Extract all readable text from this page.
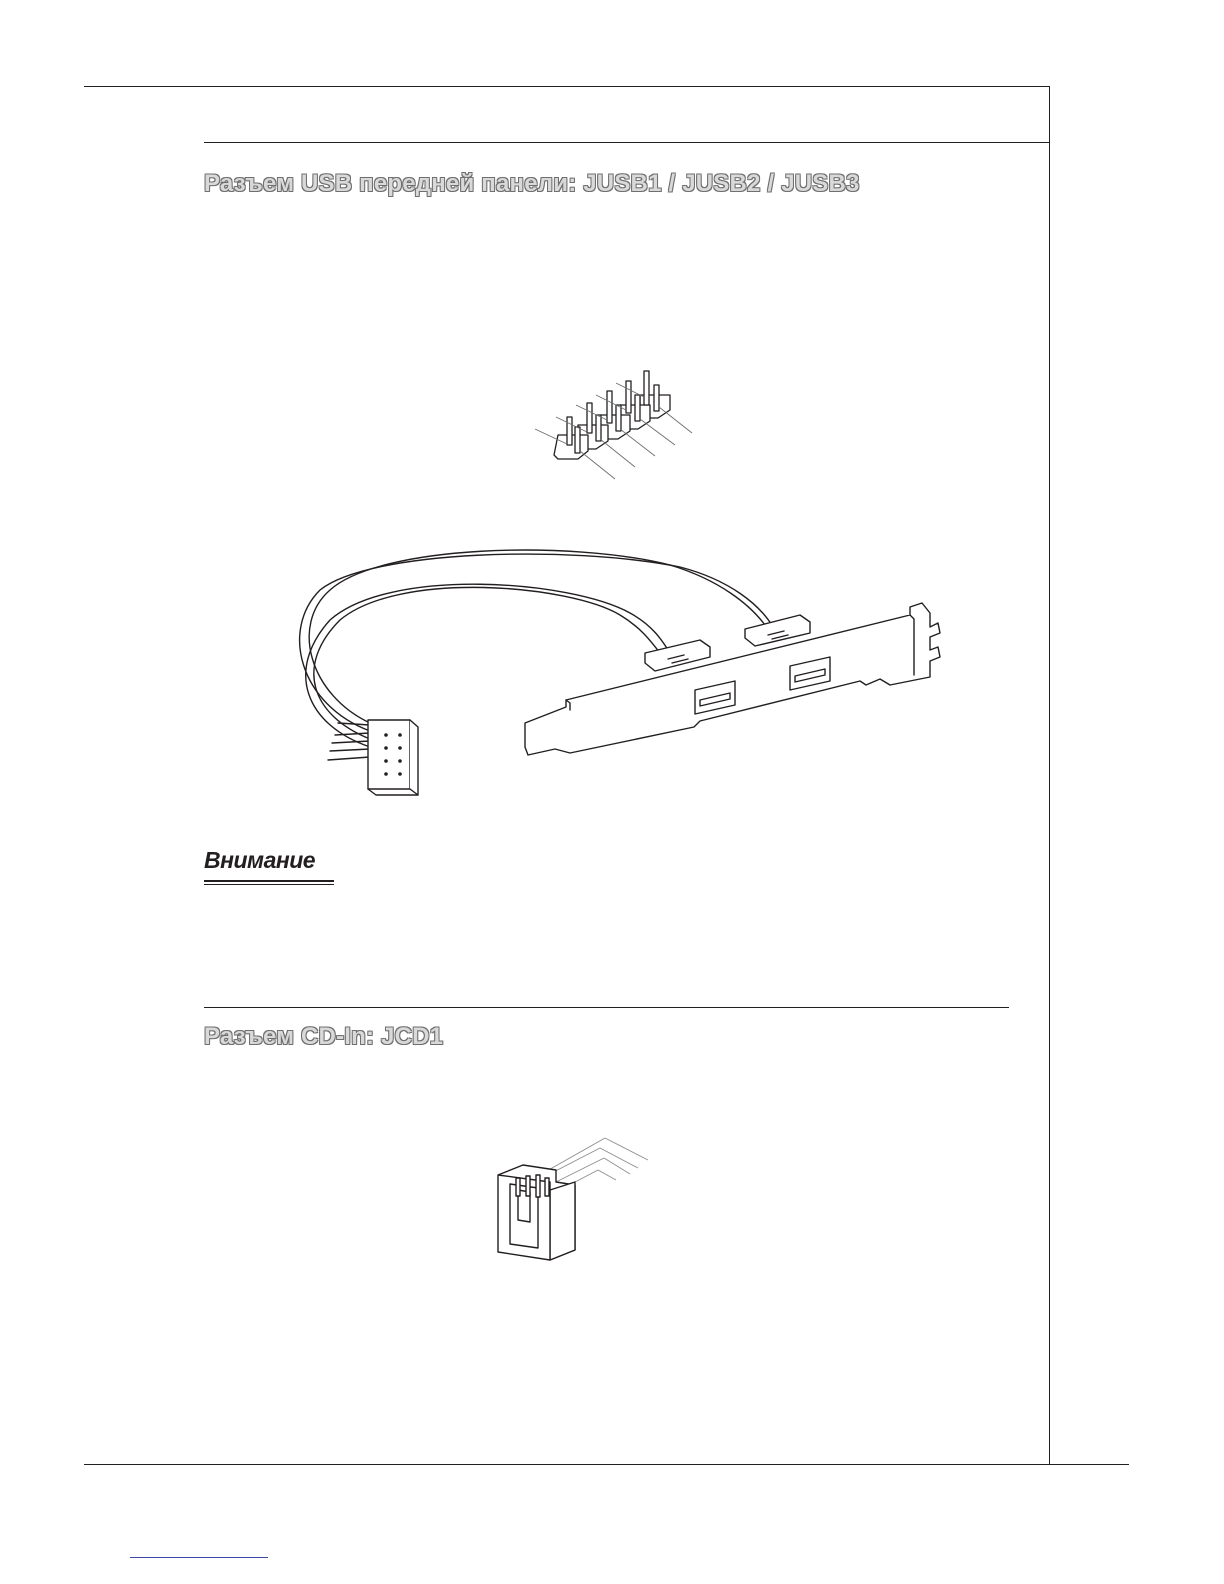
Разъем USB передней панели: JUSB1 / JUSB2 / JUSB3
Внимание
Разъем CD-In: JCD1
